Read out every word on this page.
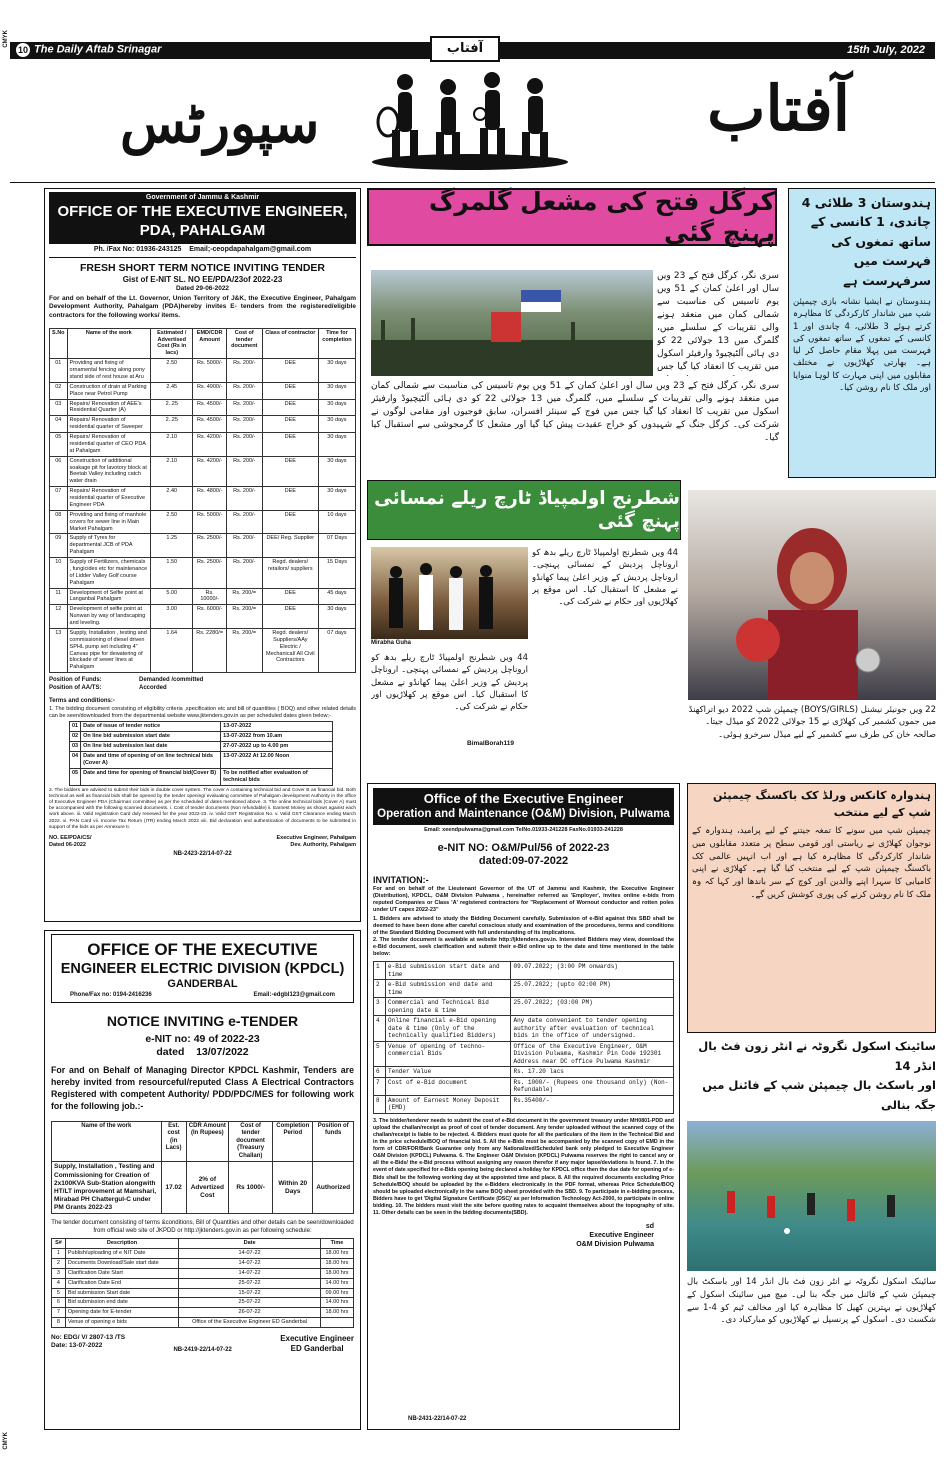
CMYK
CMYK
10 The Daily Aftab Srinagar	15th July, 2022
آفتاب
سپورٹس	آفتاب
Government of Jammu & Kashmir
OFFICE OF THE EXECUTIVE ENGINEER,
PDA, PAHALGAM
Ph. /Fax No: 01936-243125 Email;-ceopdapahalgam@gmail.com
FRESH SHORT TERM NOTICE INVITING TENDER
Gist of E-NIT SL. NO EE/PDA/23of 2022-23
Dated 29-06-2022
For and on behalf of the Lt. Governor, Union Territory of J&K, the Executive Engineer, Pahalgam Development Authority, Pahalgam (PDA)hereby invites E- tenders from the registered/eligible contractors for the following works/ items.
S.No	Name of the work	Estimated / Advertised Cost (Rs in lacs)	EMD/CDR Amount	Cost of tender document	Class of contractor	Time for completion
01	Providing and fixing of ornamental fencing along pony stand side of rest house at Aru	2.50	Rs. 5000/-	Rs. 200/-	DEE	30 days
02	Construction of drain at Parking Place near Petrol Pump	2.45	Rs. 4900/-	Rs. 200/-	DEE	30 days
03	Repairs/ Renovation of AEE's Residential Quarter (A)	2..25	Rs. 4500/-	Rs. 200/-	DEE	30 days
04	Repairs/ Renovation of residential quarter of Sweeper	2..25	Rs. 4500/-	Rs. 200/-	DEE	30 days
05	Repairs/ Renovation of residential quarter of CEO PDA at Pahalgam	2.10	Rs. 4200/-	Rs. 200/-	DEE	30 days
06	Construction of additional soakage pit for lavotory block at Beetab Valley including catch water drain	2.10	Rs. 4200/-	Rs. 200/-	DEE	30 days
07	Repairs/ Renovation of residential quarter of Executive Engineer PDA	2.40	Rs. 4800/-	Rs. 200/-	DEE	30 days
08	Providing and fixing of manhole covers for sewer line in Main Market Pahalgam	2.50	Rs. 5000/-	Rs. 200/-	DEE	10 days
09	Supply of Tyres for departmental JCB of PDA Pahalgam	1.25	Rs. 2500/-	Rs. 200/-	DEE/ Reg. Supplier	07 Days
10	Supply of Fertilizers, chemicals , fungicides etc for maintenance of Lidder Valley Golf course Pahalgam	1.50	Rs. 2500/-	Rs. 200/-	Regd. dealers/ retailors/ suppliers	15 Days
11	Development of Selfie point at Langanbal Pahalgam	5.00	Rs. 10000/-	Rs. 200/=	DEE	45 days
12	Development of selfie point at Nunwan by way of landscaping and leveling.	3.00	Rs. 6000/-	Rs. 200/=	DEE	30 days
13	Supply, Installation , testing and commissioning of diesel driven SPHL pump set including 4" Canvas pipe for dewatering of blockade of sewer lines at Pahalgam	1.64	Rs. 2280/=	Rs. 200/=	Regd. dealers/ Suppliers/AAy Electric / Mechanical/ All Civil Contractors	07 days
Position of Funds:	Demanded /committed
Position of AA/TS:	Accorded
Terms and conditions:-
1. The bidding document consisting of eligibility criteria ,specification etc and bill of quantities ( BOQ) and other related details can be seen/downloaded from the departmental website www.jktenders.gov.in as per scheduled dates given below;-
01	Date of issue of tender notice	13-07-2022
02	On line bid submission start date	13-07-2022 from 10.am
03	On line bid submission last date	27-07-2022 up to 4.00 pm
04	Date and time of opening of on line technical bids (Cover A)	13-07-2022 At 12.00 Noon
05	Date and time for opening of financial bid(Cover B)	To be notified after evaluation of technical bids
2. The bidders are advised to submit their bids in double cover system. The cover A containing technical bid and Cover B as financial bid. Both technical as well as financial bids shall be opened by the tender opening/ evaluating committee of Pahalgam development Authority in the office of Executive Engineer PDA (Chairman committee) as per the scheduled of dates mentioned above. 3. The online technical bids (Cover A) must be accompanied with the following scanned documents. i. Cost of tender documents (Non refundable) ii. Earnest Money as shown against each work above. iii. Valid registration Card duly renewed for the year 2022-23. iv. Valid GST Registration No. v. Valid GST Clearance ending March 2022. vi. PAN Card vii. Income Tax Return (ITR) ending March 2022 viii. Bid declaration and authentication of documents to be submitted in support of the bids as per Annexure II.
NO. EE/PDA/CS/
Dated 06-2022
Executive Engineer, Pahalgam Dev. Authority, Pahalgam
NB-2423-22/14-07-22
OFFICE OF THE EXECUTIVE
ENGINEER ELECTRIC DIVISION (KPDCL)
GANDERBAL
Phone/Fax no: 0194-2416236	Email:-edgbl123@gmail.com
NOTICE INVITING e-TENDER
e-NIT no: 49 of 2022-23
dated 13/07/2022
For and on Behalf of Managing Director KPDCL Kashmir, Tenders are hereby invited from resourceful/reputed Class A Electrical Contractors Registered with competent Authority/ PDD/PDC/MES for following work for the following job.:-
Name of the work	Est. cost (in Lacs)	CDR Amount (In Rupees)	Cost of tender document (Treasury Challan)	Completion Period	Position of funds
Supply, Installation , Testing and Commissioning for Creation of 2x100KVA Sub-Station alongwith HT/LT improvement at Mamshari, Mirabad PH Chattergul-C under PM Grants 2022-23	17.02	2% of Advertized Cost	Rs 1000/-	Within 20 Days	Authorized
The tender document consisting of terms &conditions, Bill of Quantities and other details can be seen/downloaded from official web site of JKPDD or http://jktenders.gov.in as per following schedule:
S#	Description	Date	Time
1	Publish/uploading of e NIT Date	14-07-22	18.00 hrs
2	Documents Download/Sale start date	14-07-22	18.00 hrs
3	Clarification Date Start	14-07-22	18.00 hrs
4	Clarification Date End	25-07-22	14.00 hrs
5	Bid submission Start date	15-07-22	09.00 hrs
6	Bid submission end date	25-07-22	14.00 hrs
7	Opening date for E-tender	26-07-22	18.00 hrs
8	Venue of opening e bids	Office of the Executive Engineer ED Ganderbal	
No: EDG/ V/ 2807-13 /TS
Date: 13-07-2022
NB-2419-22/14-07-22
Executive Engineer
ED Ganderbal
کرگل فتح کی مشعل گلمرگ پہنچ گئی
سری نگر، کرگل فتح کے 23 ویں سال اور اعلیٰ کمان کے 51 ویں یوم تاسیس کی مناسبت سے شمالی کمان میں منعقد ہونے والی تقریبات کے سلسلے میں، گلمرگ میں 13 جولائی 22 کو دی ہائی آلٹیچیوڈ وارفیئر اسکول میں تقریب کا انعقاد کیا گیا جس
سری نگر، کرگل فتح کے 23 ویں سال اور اعلیٰ کمان کے 51 ویں یوم تاسیس کی مناسبت سے شمالی کمان میں منعقد ہونے والی تقریبات کے سلسلے میں، گلمرگ میں 13 جولائی 22 کو دی ہائی آلٹیچیوڈ وارفیئر اسکول میں تقریب کا انعقاد کیا گیا جس میں فوج کے سینئر افسران، سابق فوجیوں اور مقامی لوگوں نے شرکت کی۔ کرگل جنگ کے شہیدوں کو خراج عقیدت پیش کیا گیا اور مشعل کا گرمجوشی سے استقبال کیا گیا۔
شطرنج اولمپیاڈ ٹارچ ریلے نمسائی پہنچ گئی
Mirabha Guha
44 ویں شطرنج اولمپیاڈ ٹارچ ریلے بدھ کو اروناچل پردیش کے نمسائی پہنچی۔ اروناچل پردیش کے وزیر اعلیٰ پیما کھانڈو نے مشعل کا استقبال کیا۔ اس موقع پر کھلاڑیوں اور حکام نے شرکت کی۔
44 ویں شطرنج اولمپیاڈ ٹارچ ریلے بدھ کو اروناچل پردیش کے نمسائی پہنچی۔ اروناچل پردیش کے وزیر اعلیٰ پیما کھانڈو نے مشعل کا استقبال کیا۔ اس موقع پر کھلاڑیوں اور حکام نے شرکت کی۔
BimalBorah119
ہندوستان 3 طلائی 4 چاندی، 1 کانسی کے ساتھ تمغوں کی فہرست میں سرفہرست ہے
ہندوستان نے ایشیا نشانہ بازی چیمپئن شپ میں شاندار کارکردگی کا مظاہرہ کرتے ہوئے 3 طلائی، 4 چاندی اور 1 کانسی کے تمغوں کے ساتھ تمغوں کی فہرست میں پہلا مقام حاصل کر لیا ہے۔ بھارتی کھلاڑیوں نے مختلف مقابلوں میں اپنی مہارت کا لوہا منوایا اور ملک کا نام روشن کیا۔
22 ویں جونیئر نیشنل (BOYS/GIRLS) چیمپئن شپ 2022 دیو اتراکھنڈ میں جموں کشمیر کی کھلاڑی نے 15 جولائی 2022 کو میڈل جیتا۔ صالحہ خان کی طرف سے کشمیر کے لیے میڈل سرخرو ہوئی۔
Office of the Executive Engineer
Operation and Maintenance (O&M) Division, Pulwama
Email: xeendpulwama@gmail.com TelNo.01933-241228 FaxNo.01933-241228
e-NIT NO: O&M/Pul/56 of 2022-23
dated:09-07-2022
INVITATION:-
For and on behalf of the Lieutenant Governor of the UT of Jammu and Kashmir, the Executive Engineer (Distribution), KPDCL, O&M Division Pulwama , hereinafter referred as 'Employer', invites online e-bids from reputed Companies or Class 'A' registered contractors for "Replacement of Wornout conductor and rotten poles under UT capex 2022-23"
1. Bidders are advised to study the Bidding Document carefully. Submission of e-Bid against this SBD shall be deemed to have been done after careful conscious study and examination of the procedures, terms and conditions of the Standard Bidding Document with full understanding of its implications.
2. The tender document is available at website http://jktenders.gov.in. Interested Bidders may view, download the e-Bid document, seek clarification and submit their e-Bid online up to the date and time mentioned in the table below:
1	e-Bid submission start date and time	09.07.2022; (3:00 PM onwards)
2	e-Bid submission end date and time	25.07.2022; (upto 02:00 PM)
3	Commercial and Technical Bid opening date & time	25.07.2022; (03:00 PM)
4	Online financial e-Bid opening date & time (Only of the technically qualified Bidders)	Any date convenient to tender opening authority after evaluation of technical bids in the office of undersigned.
5	Venue of opening of techno-commercial Bids	Office of the Executive Engineer, O&M Division Pulwama, Kashmir Pin Code 192301 Address near DC office Pulwama Kashmir
6	Tender Value	Rs. 17.20 lacs
7	Cost of e-Bid document	Rs. 1000/- (Rupees one thousand only) (Non-Refundable)
8	Amount of Earnest Money Deposit (EMD)	Rs.35400/-
3. The bidder/tenderer needs to submit the cost of e-Bid document in the government treasury under MH0801-PDD and upload the challan/receipt as proof of cost of tender document. Any tender uploaded without the scanned copy of the challan/receipt is liable to be rejected. 4. Bidders must quote for all the particulars of the item in the Technical Bid and in the price schedule/BOQ of financial bid. 5. All the e-Bids must be accompanied by the scanned copy of EMD in the form of CDR/FDR/Bank Guarantee only from any Nationalized/Scheduled bank only pledged to Executive Engineer O&M Division (KPDCL) Pulwama. 6. The Engineer O&M Division (KPDCL) Pulwama reserves the right to cancel any or all the e-Bids/ the e-Bid process without assigning any reason therefor if any major lapse/deviations is found. 7. In the event of date specified for e-Bids opening being declared a holiday for KPDCL office then the due date for opening of e-Bids shall be the following working day at the appointed time and place. 8. All the required documents excluding Price Schedule/BOQ should be uploaded by the e-Bidders electronically in the PDF format, whereas Price Schedule/BOQ should be uploaded electronically in the same BOQ sheet provided with the SBD. 9. To participate in e-bidding process, Bidders have to get 'Digital Signature Certificate (DSC)' as per Information Technology Act-2000, to participate in online bidding. 10. The bidders must visit the site before quoting rates to acquaint themselves about the topography of site. 11. Other details can be seen in the bidding documents(SBD).
sd
Executive Engineer
O&M Division Pulwama
NB-2431-22/14-07-22
ہندوارہ کانکس ورلڈ کک باکسنگ چیمپئن شپ کے لیے منتخب
چیمپئن شپ میں سونے کا تمغہ جیتنے کے لیے پرامید، ہندوارہ کے نوجوان کھلاڑی نے ریاستی اور قومی سطح پر متعدد مقابلوں میں شاندار کارکردگی کا مظاہرہ کیا ہے اور اب انہیں عالمی کک باکسنگ چیمپئن شپ کے لیے منتخب کیا گیا ہے۔ کھلاڑی نے اپنی کامیابی کا سہرا اپنے والدین اور کوچ کے سر باندھا اور کہا کہ وہ ملک کا نام روشن کرنے کی پوری کوشش کریں گے۔
سائینک اسکول نگروٹہ نے انٹر زون فٹ بال انڈر 14
اور باسکٹ بال چیمپئن شپ کے فائنل میں جگہ بنالی
سائینک اسکول نگروٹہ نے انٹر زون فٹ بال انڈر 14 اور باسکٹ بال چیمپئن شپ کے فائنل میں جگہ بنا لی۔ میچ میں سائینک اسکول کے کھلاڑیوں نے بہترین کھیل کا مظاہرہ کیا اور مخالف ٹیم کو 4-1 سے شکست دی۔ اسکول کے پرنسپل نے کھلاڑیوں کو مبارکباد دی۔
